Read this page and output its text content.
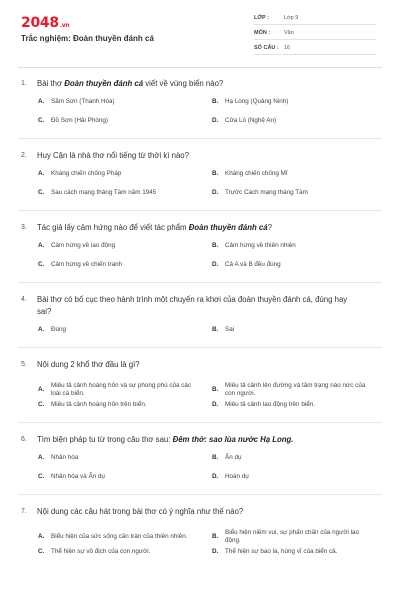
2048.vn
Trắc nghiệm: Đoàn thuyền đánh cá
LỚP :	Lớp 9
MÔN :	Văn
SỐ CÂU : 16
1. Bài thơ Đoàn thuyền đánh cá viết về vùng biển nào?
A. Sầm Sơn (Thanh Hóa)	B. Hạ Long (Quảng Ninh)
C. Đồ Sơn (Hải Phòng)	D. Cửa Lò (Nghệ An)
2. Huy Cận là nhà thơ nổi tiếng từ thời kì nào?
A. Kháng chiến chống Pháp	B. Kháng chiến chống Mĩ
C. Sau cách mạng tháng Tám năm 1945	D. Trước Cách mạng tháng Tám
3. Tác giả lấy cảm hứng nào để viết tác phẩm Đoàn thuyền đánh cá?
A. Cảm hứng về lao động	B. Cảm hứng về thiên nhiên
C. Cảm hứng về chiến tranh	D. Cả A và B đều đúng
4. Bài thơ có bố cục theo hành trình một chuyến ra khơi của đoàn thuyền đánh cá, đúng hay sai?
A. Đúng	B. Sai
5. Nội dung 2 khổ thơ đầu là gì?
A.
Miêu tả cảnh hoàng hôn và sự phong phú của các loài cá biển.
B.
Miêu tả cảnh lên đường và tâm trạng náo nức của con người.
C. Miêu tả cảnh hoàng hôn trên biển.	D. Miêu tả cảnh lao động trên biển.
6. Tìm biện pháp tu từ trong câu thơ sau: Đêm thở: sao lùa nước Hạ Long.
A. Nhân hóa	B. Ẩn dụ
C. Nhân hóa và Ẩn dụ	D. Hoán dụ
7. Nội dung các câu hát trong bài thơ có ý nghĩa như thế nào?
A. Biểu hiện của sức sống căn tràn của thiên nhiên.	B.
Biểu hiện niềm vui, sự phấn chấn của người lao động.
C. Thể hiện sự vô địch của con người.	D. Thể hiện sự bao la, hùng vĩ của biển cả.
